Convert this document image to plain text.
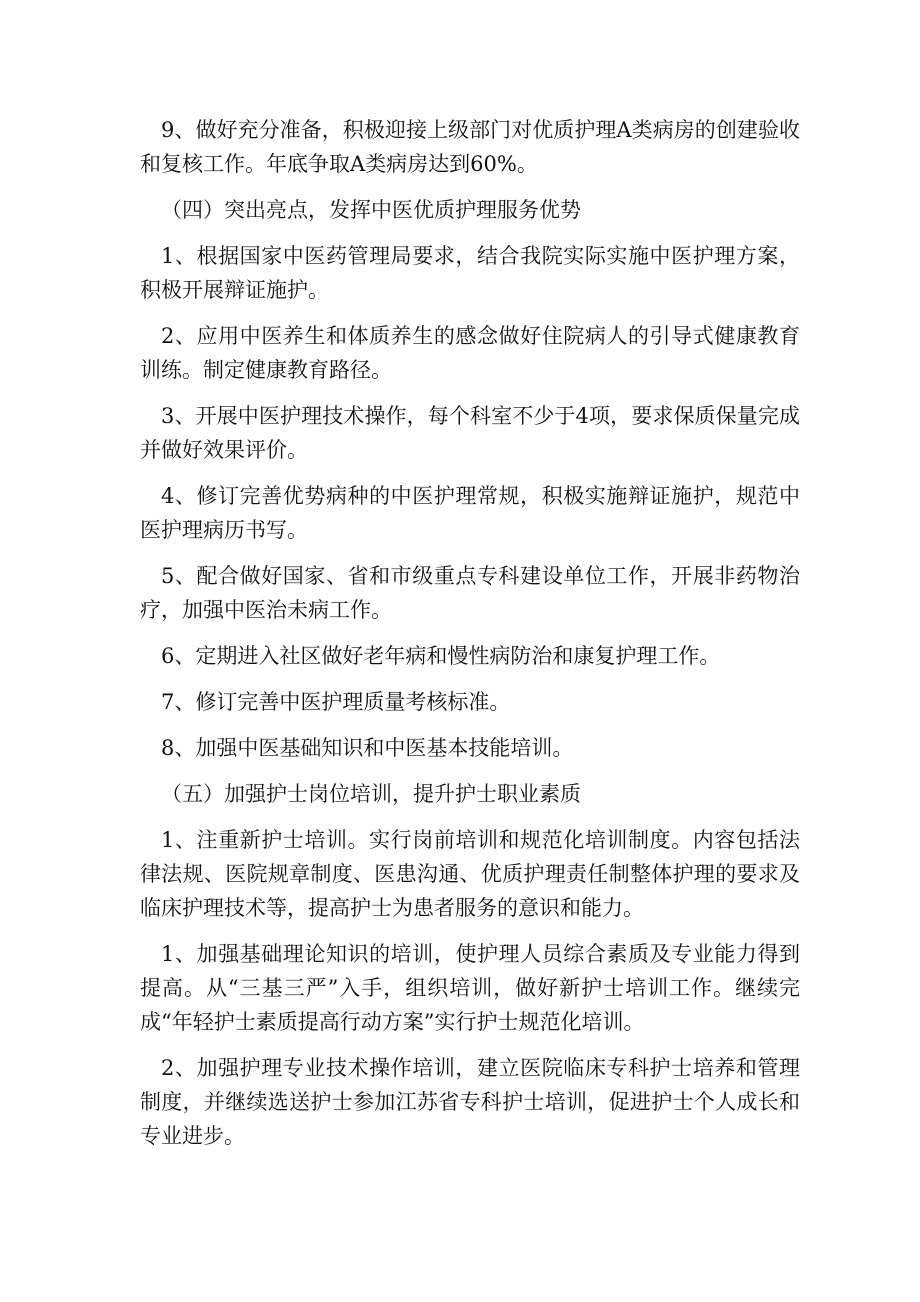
9、做好充分准备，积极迎接上级部门对优质护理A类病房的创建验收和复核工作。年底争取A类病房达到60%。

（四）突出亮点，发挥中医优质护理服务优势

1、根据国家中医药管理局要求，结合我院实际实施中医护理方案，积极开展辩证施护。

2、应用中医养生和体质养生的感念做好住院病人的引导式健康教育训练。制定健康教育路径。

3、开展中医护理技术操作，每个科室不少于4项，要求保质保量完成并做好效果评价。

4、修订完善优势病种的中医护理常规，积极实施辩证施护，规范中医护理病历书写。

5、配合做好国家、省和市级重点专科建设单位工作，开展非药物治疗，加强中医治未病工作。

6、定期进入社区做好老年病和慢性病防治和康复护理工作。

7、修订完善中医护理质量考核标准。

8、加强中医基础知识和中医基本技能培训。

（五）加强护士岗位培训，提升护士职业素质

1、注重新护士培训。实行岗前培训和规范化培训制度。内容包括法律法规、医院规章制度、医患沟通、优质护理责任制整体护理的要求及临床护理技术等，提高护士为患者服务的意识和能力。

1、加强基础理论知识的培训，使护理人员综合素质及专业能力得到提高。从“三基三严”入手，组织培训，做好新护士培训工作。继续完成“年轻护士素质提高行动方案”实行护士规范化培训。

2、加强护理专业技术操作培训，建立医院临床专科护士培养和管理制度，并继续选送护士参加江苏省专科护士培训，促进护士个人成长和专业进步。
